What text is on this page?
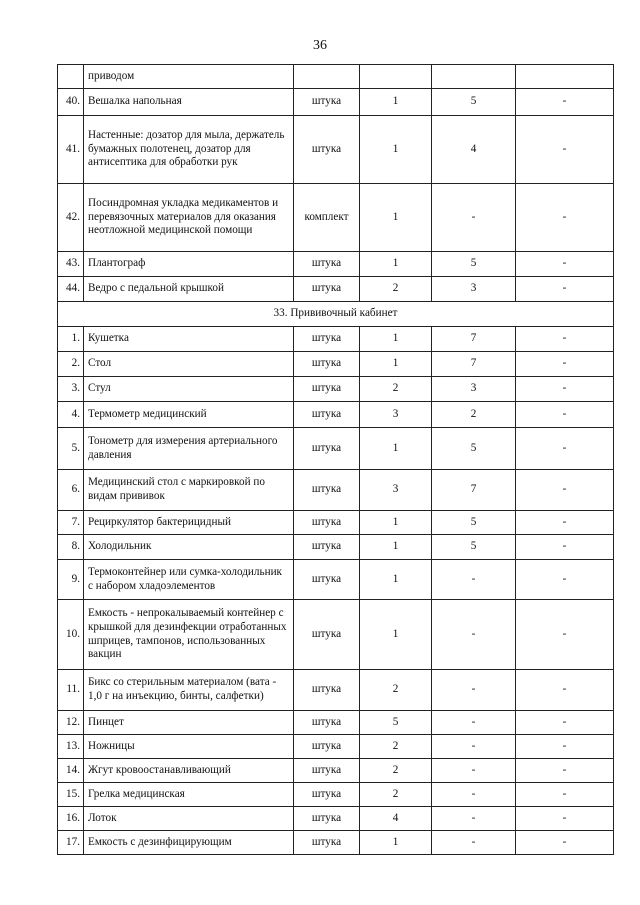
36
	приводом				
40.	Вешалка напольная	штука	1	5	-
41.	Настенные: дозатор для мыла, держатель бумажных полотенец, дозатор для антисептика для обработки рук	штука	1	4	-
42.	Посиндромная укладка медикаментов и перевязочных материалов для оказания неотложной медицинской помощи	комплект	1	-	-
43.	Плантограф	штука	1	5	-
44.	Ведро с педальной крышкой	штука	2	3	-
33. Прививочный кабинет					
1.	Кушетка	штука	1	7	-
2.	Стол	штука	1	7	-
3.	Стул	штука	2	3	-
4.	Термометр медицинский	штука	3	2	-
5.	Тонометр для измерения артериального давления	штука	1	5	-
6.	Медицинский стол с маркировкой по видам прививок	штука	3	7	-
7.	Рециркулятор бактерицидный	штука	1	5	-
8.	Холодильник	штука	1	5	-
9.	Термоконтейнер или сумка-холодильник с набором хладоэлементов	штука	1	-	-
10.	Емкость - непрокалываемый контейнер с крышкой для дезинфекции отработанных шприцев, тампонов, использованных вакцин	штука	1	-	-
11.	Бикс со стерильным материалом (вата - 1,0 г на инъекцию, бинты, салфетки)	штука	2	-	-
12.	Пинцет	штука	5	-	-
13.	Ножницы	штука	2	-	-
14.	Жгут кровоостанавливающий	штука	2	-	-
15.	Грелка медицинская	штука	2	-	-
16.	Лоток	штука	4	-	-
17.	Емкость с дезинфицирующим	штука	1	-	-
